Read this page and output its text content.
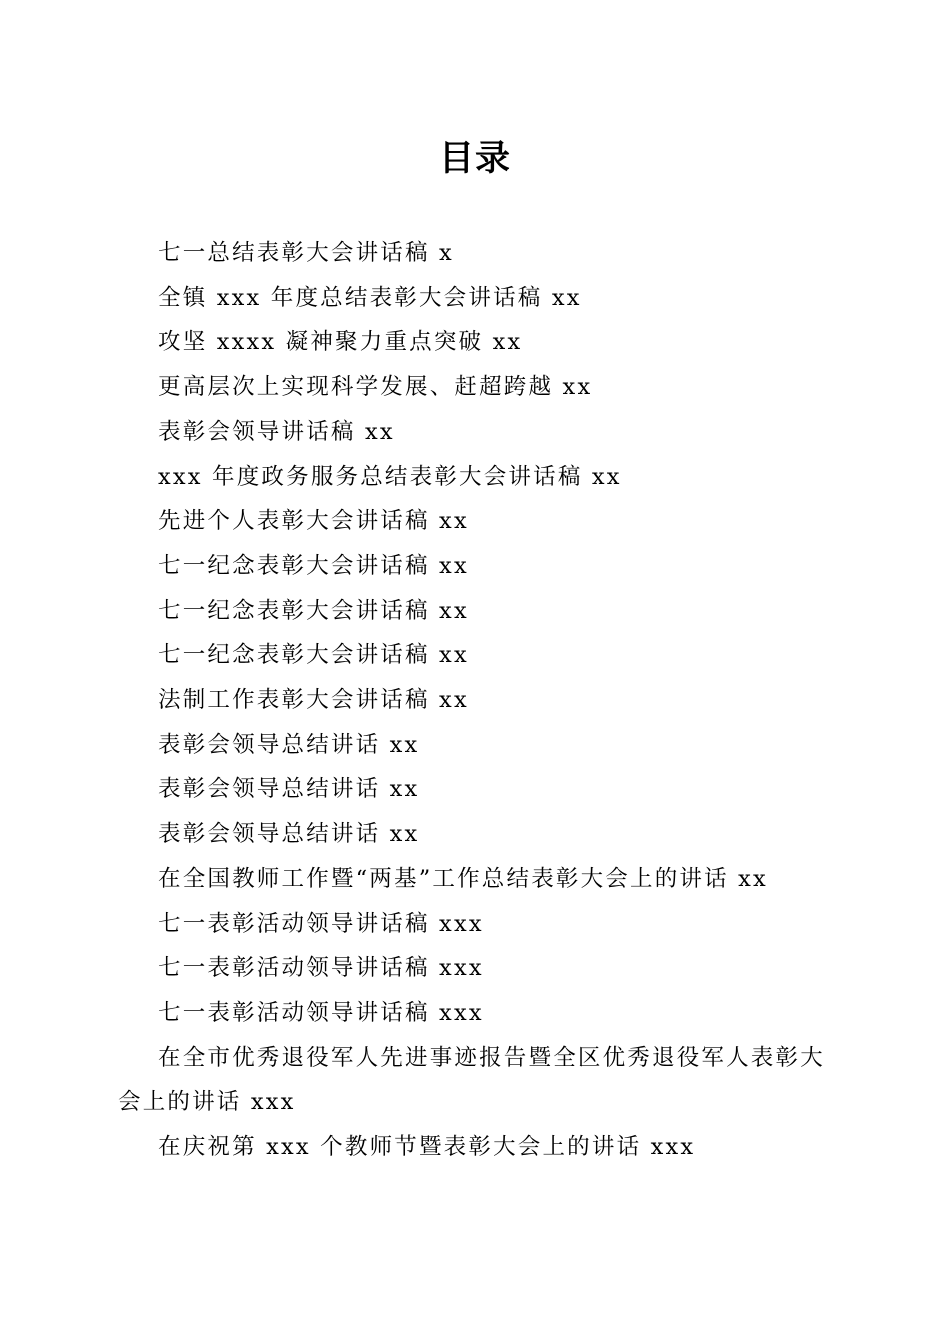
目录
七一总结表彰大会讲话稿 x
全镇 xxx 年度总结表彰大会讲话稿 xx
攻坚 xxxx 凝神聚力重点突破 xx
更高层次上实现科学发展、赶超跨越 xx
表彰会领导讲话稿 xx
xxx 年度政务服务总结表彰大会讲话稿 xx
先进个人表彰大会讲话稿 xx
七一纪念表彰大会讲话稿 xx
七一纪念表彰大会讲话稿 xx
七一纪念表彰大会讲话稿 xx
法制工作表彰大会讲话稿 xx
表彰会领导总结讲话 xx
表彰会领导总结讲话 xx
表彰会领导总结讲话 xx
在全国教师工作暨“两基”工作总结表彰大会上的讲话 xx
七一表彰活动领导讲话稿 xxx
七一表彰活动领导讲话稿 xxx
七一表彰活动领导讲话稿 xxx
在全市优秀退役军人先进事迹报告暨全区优秀退役军人表彰大会上的讲话 xxx
在庆祝第 xxx 个教师节暨表彰大会上的讲话 xxx
